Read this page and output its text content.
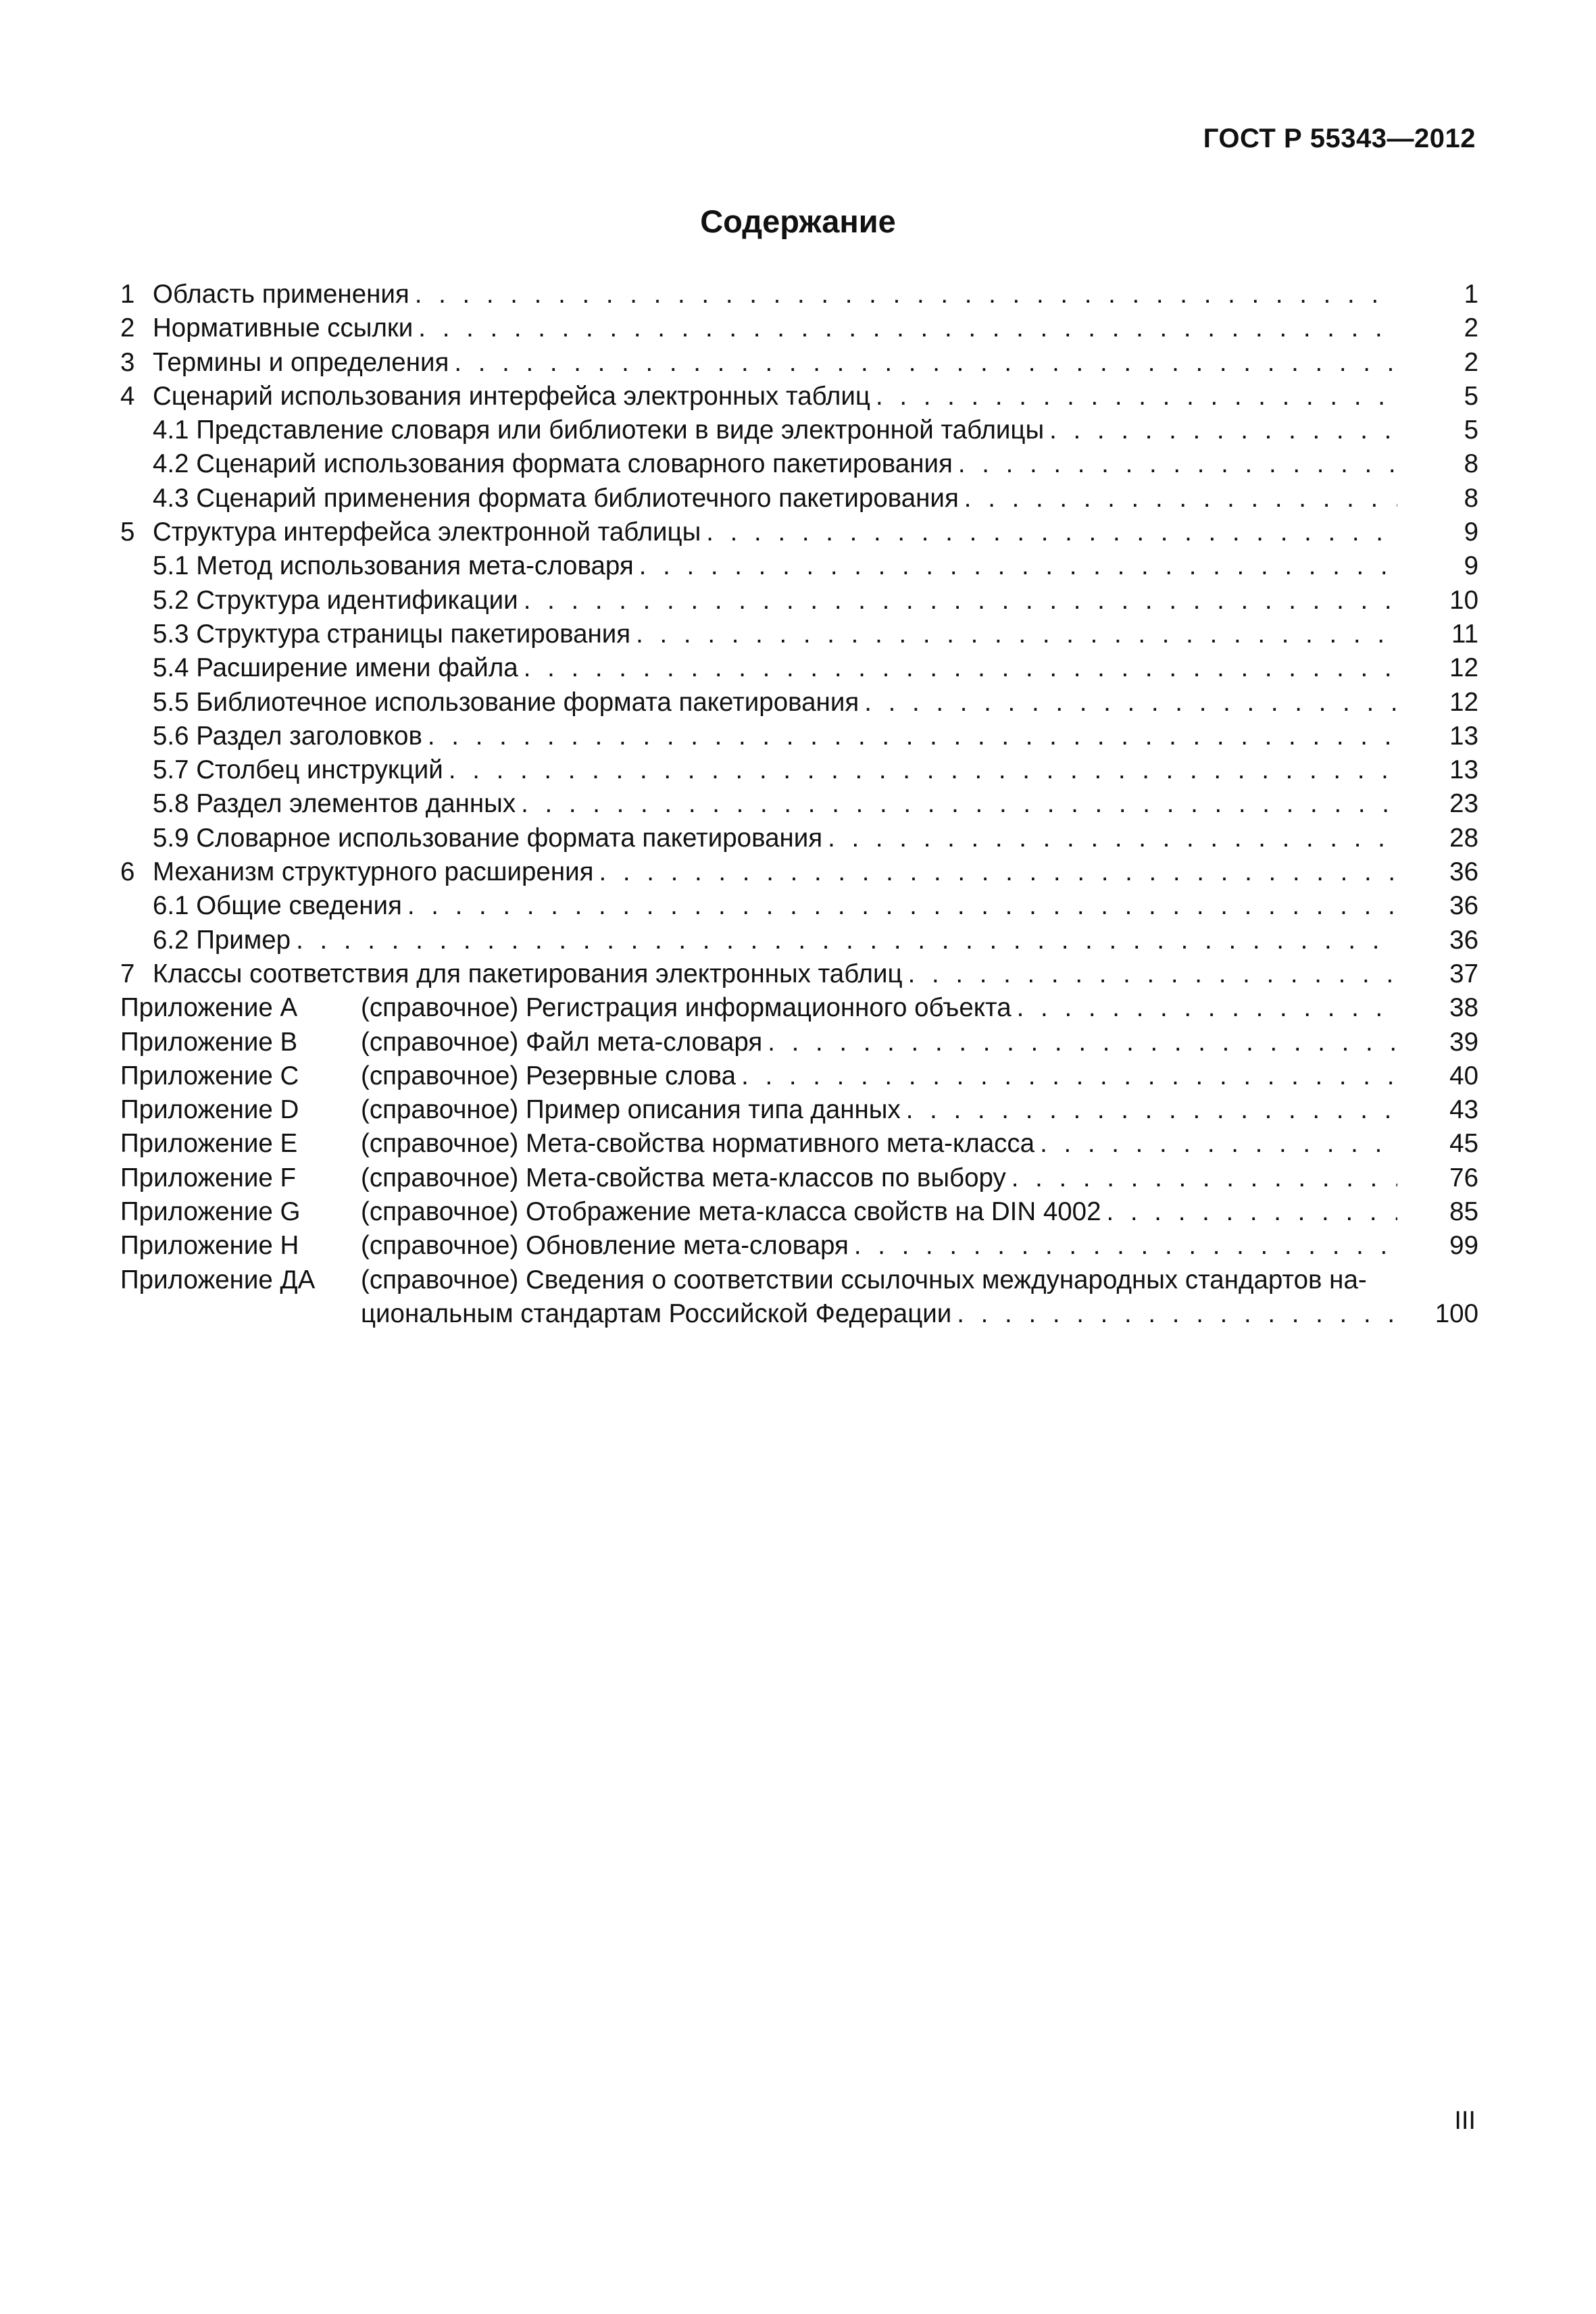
ГОСТ Р 55343—2012
Содержание
1 Область применения . . .	1
2 Нормативные ссылки . . .	2
3 Термины и определения . . .	2
4 Сценарий использования интерфейса электронных таблиц . . .	5
4.1 Представление словаря или библиотеки в виде электронной таблицы . . .	5
4.2 Сценарий использования формата словарного пакетирования . . .	8
4.3 Сценарий применения формата библиотечного пакетирования . . .	8
5 Структура интерфейса электронной таблицы . . .	9
5.1 Метод использования мета-словаря . . .	9
5.2 Структура идентификации . . .	10
5.3 Структура страницы пакетирования . . .	11
5.4 Расширение имени файла . . .	12
5.5 Библиотечное использование формата пакетирования . . .	12
5.6 Раздел заголовков . . .	13
5.7 Столбец инструкций . . .	13
5.8 Раздел элементов данных . . .	23
5.9 Словарное использование формата пакетирования . . .	28
6 Механизм структурного расширения . . .	36
6.1 Общие сведения . . .	36
6.2 Пример . . .	36
7 Классы соответствия для пакетирования электронных таблиц . . .	37
Приложение A (справочное) Регистрация информационного объекта . . .	38
Приложение B (справочное) Файл мета-словаря . . .	39
Приложение C (справочное) Резервные слова . . .	40
Приложение D (справочное) Пример описания типа данных . . .	43
Приложение E (справочное) Мета-свойства нормативного мета-класса . . .	45
Приложение F (справочное) Мета-свойства мета-классов по выбору . . .	76
Приложение G (справочное) Отображение мета-класса свойств на DIN 4002 . . .	85
Приложение H (справочное) Обновление мета-словаря . . .	99
Приложение ДА (справочное) Сведения о соответствии ссылочных международных стандартов на-
циональным стандартам Российской Федерации . . .	100
III
